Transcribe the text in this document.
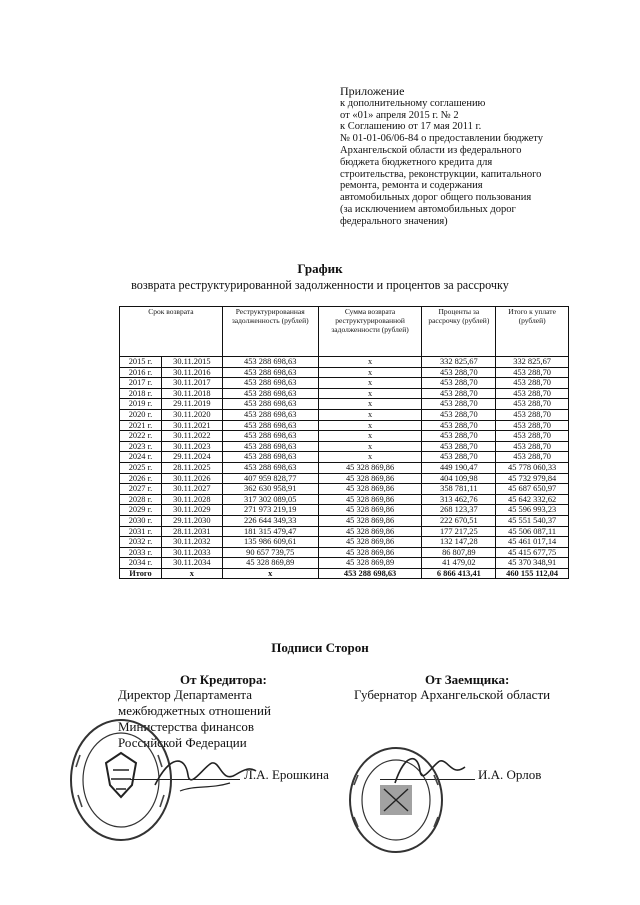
Приложение
к дополнительному соглашению
от «01» апреля 2015 г. № 2
к Соглашению от 17 мая 2011 г.
№ 01-01-06/06-84 о предоставлении бюджету
Архангельской области из федерального
бюджета бюджетного кредита для
строительства, реконструкции, капитального
ремонта, ремонта и содержания
автомобильных дорог общего пользования
(за исключением автомобильных дорог
федерального значения)
График
возврата реструктурированной задолженности и процентов за рассрочку
Срок возврата		Реструктурированная задолженность (рублей)	Сумма возврата реструктурированной задолженности (рублей)	Проценты за рассрочку (рублей)	Итого к уплате (рублей)
2015 г.	30.11.2015	453 288 698,63	x	332 825,67	332 825,67
2016 г.	30.11.2016	453 288 698,63	x	453 288,70	453 288,70
2017 г.	30.11.2017	453 288 698,63	x	453 288,70	453 288,70
2018 г.	30.11.2018	453 288 698,63	x	453 288,70	453 288,70
2019 г.	29.11.2019	453 288 698,63	x	453 288,70	453 288,70
2020 г.	30.11.2020	453 288 698,63	x	453 288,70	453 288,70
2021 г.	30.11.2021	453 288 698,63	x	453 288,70	453 288,70
2022 г.	30.11.2022	453 288 698,63	x	453 288,70	453 288,70
2023 г.	30.11.2023	453 288 698,63	x	453 288,70	453 288,70
2024 г.	29.11.2024	453 288 698,63	x	453 288,70	453 288,70
2025 г.	28.11.2025	453 288 698,63	45 328 869,86	449 190,47	45 778 060,33
2026 г.	30.11.2026	407 959 828,77	45 328 869,86	404 109,98	45 732 979,84
2027 г.	30.11.2027	362 630 958,91	45 328 869,86	358 781,11	45 687 650,97
2028 г.	30.11.2028	317 302 089,05	45 328 869,86	313 462,76	45 642 332,62
2029 г.	30.11.2029	271 973 219,19	45 328 869,86	268 123,37	45 596 993,23
2030 г.	29.11.2030	226 644 349,33	45 328 869,86	222 670,51	45 551 540,37
2031 г.	28.11.2031	181 315 479,47	45 328 869,86	177 217,25	45 506 087,11
2032 г.	30.11.2032	135 986 609,61	45 328 869,86	132 147,28	45 461 017,14
2033 г.	30.11.2033	90 657 739,75	45 328 869,86	86 807,89	45 415 677,75
2034 г.	30.11.2034	45 328 869,89	45 328 869,89	41 479,02	45 370 348,91
Итого	x	x	453 288 698,63	6 866 413,41	460 155 112,04
Подписи Сторон
От Кредитора:	От Заемщика:
Директор Департамента
межбюджетных отношений
Министерства финансов
Российской Федерации
Губернатор Архангельской области
Л.А. Ерошкина	И.А. Орлов
